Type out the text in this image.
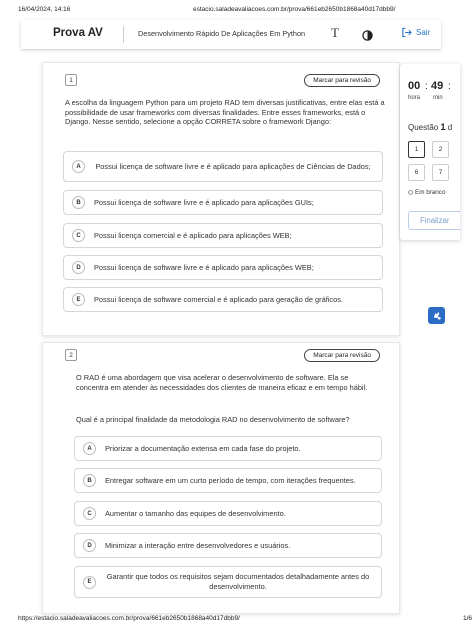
16/04/2024, 14:16	estacio.saladeavaliacoes.com.br/prova/661eb2650b1868a40d17dbb9/
Prova AV	Desenvolvimento Rápido De Aplicações Em Python T	Sair
1	Marcar para revisão
A escolha da linguagem Python para um projeto RAD tem diversas justificativas, entre elas está a possibilidade de usar frameworks com diversas finalidades. Entre esses frameworks, está o Django. Nesse sentido, selecione a opção CORRETA sobre o framework Django:
A	Possui licença de software livre e é aplicado para aplicações de Ciências de Dados;
B	Possui licença de software livre e é aplicado para aplicações GUIs;
C	Possui licença comercial e é aplicado para aplicações WEB;
D	Possui licença de software livre e é aplicado para aplicações WEB;
E	Possui licença de software comercial e é aplicado para geração de gráficos.
2	Marcar para revisão
O RAD é uma abordagem que visa acelerar o desenvolvimento de software. Ela se concentra em atender às necessidades dos clientes de maneira eficaz e em tempo hábil.
Qual é a principal finalidade da metodologia RAD no desenvolvimento de software?
A	Priorizar a documentação extensa em cada fase do projeto.
B	Entregar software em um curto período de tempo, com iterações frequentes.
C	Aumentar o tamanho das equipes de desenvolvimento.
D	Minimizar a interação entre desenvolvedores e usuários.
E
Garantir que todos os requisitos sejam documentados detalhadamente antes do desenvolvimento.
00 : 49 :
hora min
Questão 1 d
1	2
6	7
Em branco
Finalizar
https://estacio.saladeavaliacoes.com.br/prova/661eb2650b1868a40d17dbb9/	1/6
